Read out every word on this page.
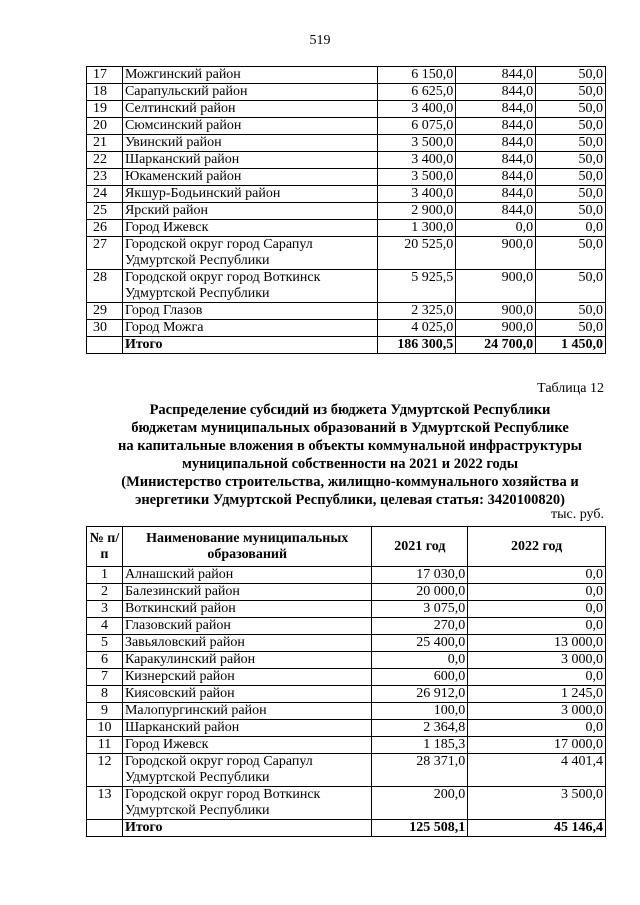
519
17	Можгинский район	6 150,0	844,0	50,0
18	Сарапульский район	6 625,0	844,0	50,0
19	Селтинский район	3 400,0	844,0	50,0
20	Сюмсинский район	6 075,0	844,0	50,0
21	Увинский район	3 500,0	844,0	50,0
22	Шарканский район	3 400,0	844,0	50,0
23	Юкаменский район	3 500,0	844,0	50,0
24	Якшур-Бодьинский район	3 400,0	844,0	50,0
25	Ярский район	2 900,0	844,0	50,0
26	Город Ижевск	1 300,0	0,0	0,0
27	Городской округ город Сарапул Удмуртской Республики	20 525,0	900,0	50,0
28	Городской округ город Воткинск Удмуртской Республики	5 925,5	900,0	50,0
29	Город Глазов	2 325,0	900,0	50,0
30	Город Можга	4 025,0	900,0	50,0
	Итого	186 300,5	24 700,0	1 450,0
Таблица 12
Распределение субсидий из бюджета Удмуртской Республики
бюджетам муниципальных образований в Удмуртской Республике
на капитальные вложения в объекты коммунальной инфраструктуры
муниципальной собственности на 2021 и 2022 годы
(Министерство строительства, жилищно-коммунального хозяйства и
энергетики Удмуртской Республики, целевая статья: 3420100820)
тыс. руб.
№ п/п	Наименование муниципальных образований	2021 год	2022 год
1	Алнашский район	17 030,0	0,0
2	Балезинский район	20 000,0	0,0
3	Воткинский район	3 075,0	0,0
4	Глазовский район	270,0	0,0
5	Завьяловский район	25 400,0	13 000,0
6	Каракулинский район	0,0	3 000,0
7	Кизнерский район	600,0	0,0
8	Киясовский район	26 912,0	1 245,0
9	Малопургинский район	100,0	3 000,0
10	Шарканский район	2 364,8	0,0
11	Город Ижевск	1 185,3	17 000,0
12	Городской округ город Сарапул Удмуртской Республики	28 371,0	4 401,4
13	Городской округ город Воткинск Удмуртской Республики	200,0	3 500,0
	Итого	125 508,1	45 146,4
